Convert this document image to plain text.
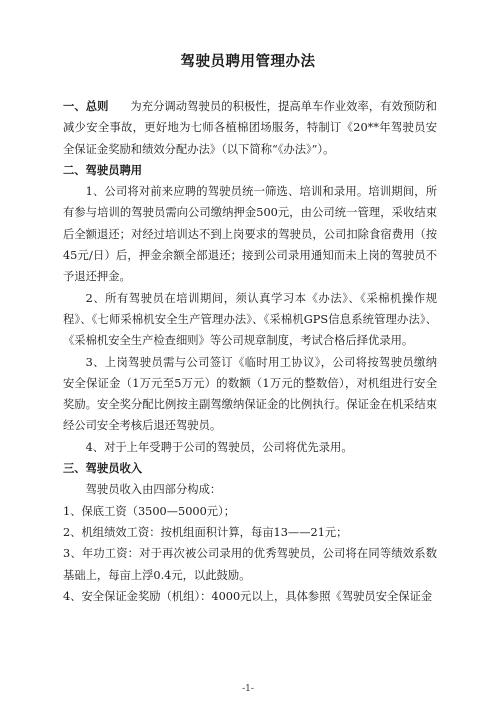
驾驶员聘用管理办法

一、总则 为充分调动驾驶员的积极性，提高单车作业效率，有效预防和减少安全事故，更好地为七师各植棉团场服务，特制订《20**年驾驶员安全保证金奖励和绩效分配办法》（以下简称“《办法》”）。

二、驾驶员聘用

1、公司将对前来应聘的驾驶员统一筛选、培训和录用。培训期间，所有参与培训的驾驶员需向公司缴纳押金500元，由公司统一管理，采收结束后全额退还；对经过培训达不到上岗要求的驾驶员，公司扣除食宿费用（按45元/日）后，押金余额全部退还；接到公司录用通知而未上岗的驾驶员不予退还押金。

2、所有驾驶员在培训期间，须认真学习本《办法》、《采棉机操作规程》、《七师采棉机安全生产管理办法》、《采棉机GPS信息系统管理办法》、《采棉机安全生产检查细则》等公司规章制度，考试合格后择优录用。

3、上岗驾驶员需与公司签订《临时用工协议》，公司将按驾驶员缴纳安全保证金（1万元至5万元）的数额（1万元的整数倍），对机组进行安全奖励。安全奖分配比例按主副驾缴纳保证金的比例执行。保证金在机采结束经公司安全考核后退还驾驶员。

4、对于上年受聘于公司的驾驶员，公司将优先录用。

三、驾驶员收入

驾驶员收入由四部分构成：

1、保底工资（3500—5000元）；

2、机组绩效工资：按机组面积计算，每亩13——21元；

3、年功工资：对于再次被公司录用的优秀驾驶员，公司将在同等绩效系数基础上，每亩上浮0.4元，以此鼓励。

4、安全保证金奖励（机组）：4000元以上，具体参照《驾驶员安全保证金

-1-
